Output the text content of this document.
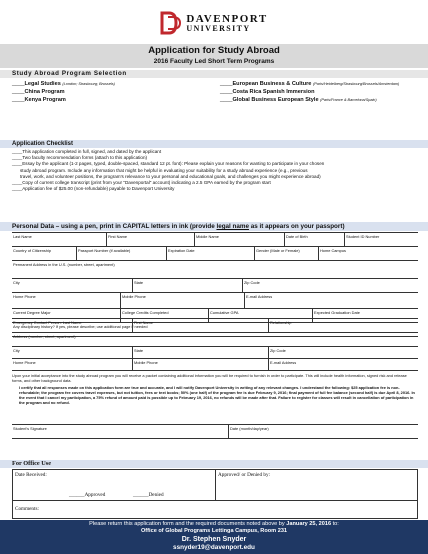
DAVENPORT
UNIVERSITY
Application for Study Abroad
2016 Faculty Led Short Term Programs
Study Abroad Program Selection
____Legal Studies (London; Strasbourg; Brussels)
____China Program
____Kenya Program
____European Business & Culture (Paris/Heidelberg/Strasbourg/Brussels/Amsterdam)
____Costa Rica Spanish Immersion
____Global Business European Style (Paris/France & Barcelona/Spain)
Application Checklist
____This application completed in full, signed, and dated by the applicant
____Two faculty recommendation forms (attach to this application)
____Essay by the applicant (1-2 pages, typed, double-spaced, standard 12 pt. font): Please explain your reasons for wanting to participate in your chosen
study abroad program. Include any information that might be helpful in evaluating your suitability for a study abroad experience (e.g., previous
travel, work, and volunteer positions, the program's relevance to your personal and educational goals, and challenges you might experience abroad)
____Copy of current college transcript (print from your "Davenportal" account) indicating a 2.5 GPA earned by the program start
____Application fee of $25.00 (non-refundable) payable to Davenport University
Personal Data – using a pen, print in CAPITAL letters in ink (provide legal name as it appears on your passport)
Last Name	First Name	Middle Name	Date of Birth	Student ID Number
Country of Citizenship	Passport Number (if available)	Expiration Date	Gender (Male or Female)	Home Campus
Permanent Address in the U.S. (number, street, apartment)
City	State	Zip Code
Home Phone	Mobile Phone	E-mail Address
Current Degree Major	College Credits Completed	Cumulative GPA	Expected Graduation Date
Any disciplinary history? If yes, please describe; use additional page if needed
Emergency Contact Person: Last Name	First Name	Relationship
Address (number, street, apartment)
City	State	Zip Code
Home Phone	Mobile Phone	E-mail Address
Upon your initial acceptance into the study abroad program you will receive a packet containing additional information you will be required to furnish in order to participate. This will include health information, signed risk and release forms, and other background data.
I certify that all responses made on this application form are true and accurate, and I will notify Davenport University in writing of any relevant changes. I understand the following: $25 application fee is non-refundable; the program fee covers travel expenses, but not tuition, fees or text books; 50% (one half) of the program fee is due February 9, 2016; final payment of full fee balance (second half) is due April 8, 2016. In the event that I cancel my participation, a 75% refund of amount paid is possible up to February 19, 2016, no refunds will be made after that. Failure to register for classes will result in cancellation of participation in the program and no refund.
Student's Signature	Date (month/day/year)
For Office Use
Date Received:	Approved/ or Denied by:
______Approved	______Denied
Comments:
Please return this application form and the required documents noted above by January 25, 2016 to:
Office of Global Programs Lettinga Campus, Room 231
Dr. Stephen Snyder
ssnyder19@davenport.edu
